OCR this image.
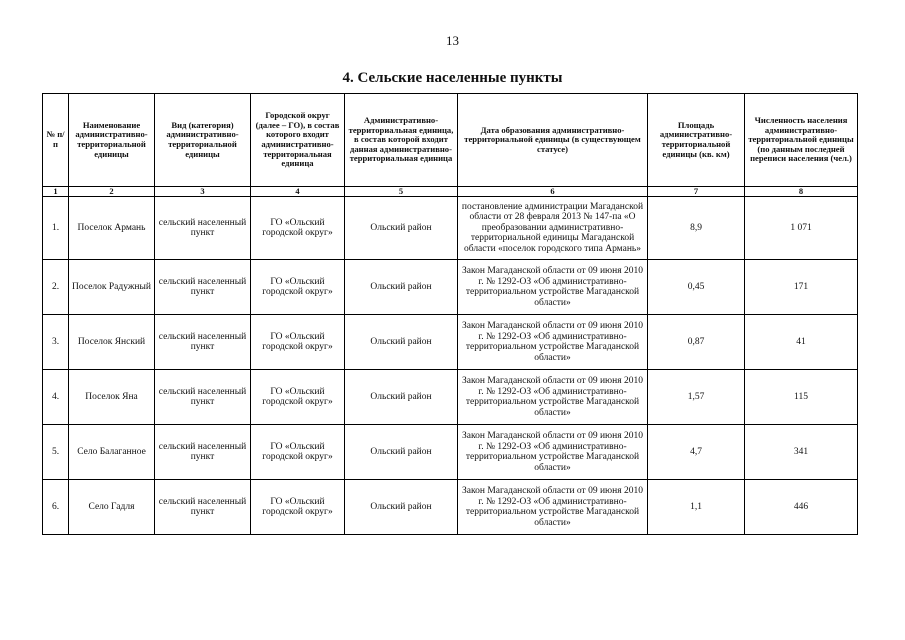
13
4. Сельские населенные пункты
№ п/п	Наименование административно-территориальной единицы	Вид (категория) административно-территориальной единицы	Городской округ (далее – ГО), в состав которого входит административно-территориальная единица	Административно-территориальная единица, в состав которой входит данная административно-территориальная единица	Дата образования административно-территориальной единицы (в существующем статусе)	Площадь административно-территориальной единицы (кв. км)	Численность населения административно-территориальной единицы (по данным последней переписи населения (чел.)
1	2	3	4	5	6	7	8
1.	Поселок Армань	сельский населенный пункт	ГО «Ольский городской округ»	Ольский район	постановление администрации Магаданской области от 28 февраля 2013 № 147-па «О преобразовании административно-территориальной единицы Магаданской области «поселок городского типа Армань»	8,9	1 071
2.	Поселок Радужный	сельский населенный пункт	ГО «Ольский городской округ»	Ольский район	Закон Магаданской области от 09 июня 2010 г. № 1292-ОЗ «Об административно-территориальном устройстве Магаданской области»	0,45	171
3.	Поселок Янский	сельский населенный пункт	ГО «Ольский городской округ»	Ольский район	Закон Магаданской области от 09 июня 2010 г. № 1292-ОЗ «Об административно-территориальном устройстве Магаданской области»	0,87	41
4.	Поселок Яна	сельский населенный пункт	ГО «Ольский городской округ»	Ольский район	Закон Магаданской области от 09 июня 2010 г. № 1292-ОЗ «Об административно-территориальном устройстве Магаданской области»	1,57	115
5.	Село Балаганное	сельский населенный пункт	ГО «Ольский городской округ»	Ольский район	Закон Магаданской области от 09 июня 2010 г. № 1292-ОЗ «Об административно-территориальном устройстве Магаданской области»	4,7	341
6.	Село Гадля	сельский населенный пункт	ГО «Ольский городской округ»	Ольский район	Закон Магаданской области от 09 июня 2010 г. № 1292-ОЗ «Об административно-территориальном устройстве Магаданской области»	1,1	446
